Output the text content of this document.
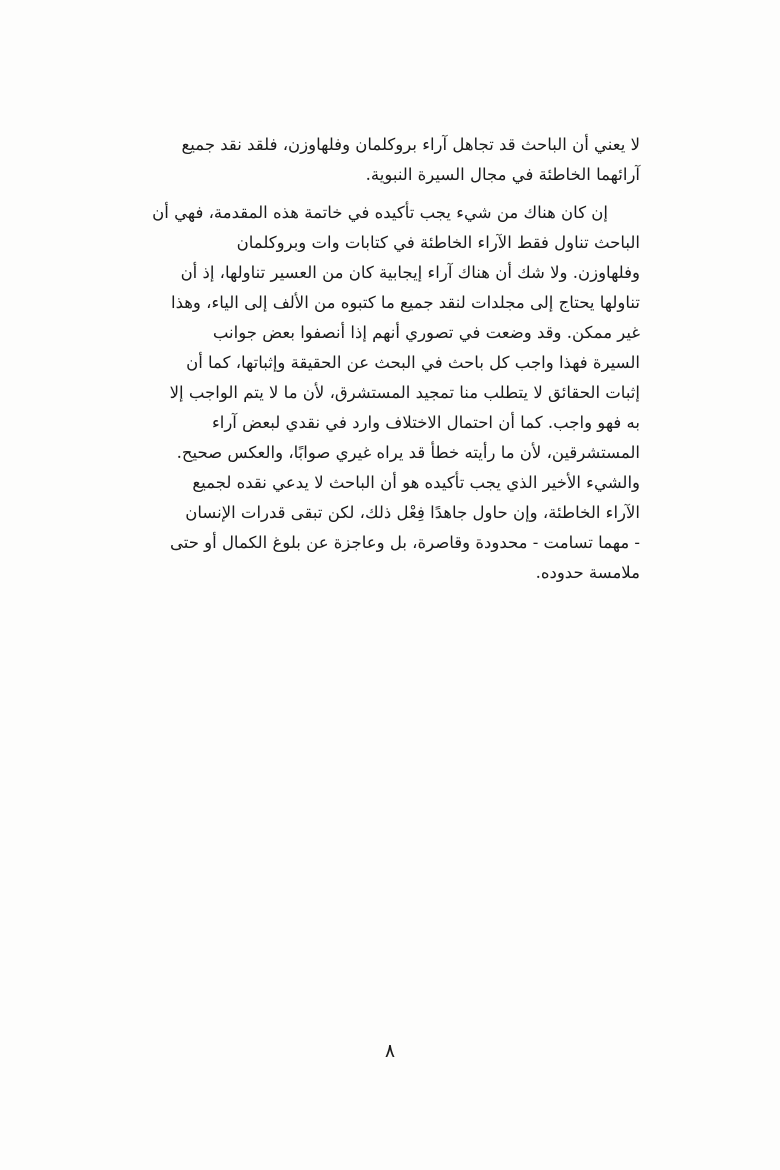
لا يعني أن الباحث قد تجاهل آراء بروكلمان وفلهاوزن، فلقد نقد جميع
آرائهما الخاطئة في مجال السيرة النبوية.

إن كان هناك من شيء يجب تأكيده في خاتمة هذه المقدمة، فهي أن
الباحث تناول فقط الآراء الخاطئة في كتابات وات وبروكلمان
وفلهاوزن. ولا شك أن هناك آراء إيجابية كان من العسير تناولها، إذ أن
تناولها يحتاج إلى مجلدات لنقد جميع ما كتبوه من الألف إلى الياء، وهذا
غير ممكن. وقد وضعت في تصوري أنهم إذا أنصفوا بعض جوانب
السيرة فهذا واجب كل باحث في البحث عن الحقيقة وإثباتها، كما أن
إثبات الحقائق لا يتطلب منا تمجيد المستشرق، لأن ما لا يتم الواجب إلا
به فهو واجب. كما أن احتمال الاختلاف وارد في نقدي لبعض آراء
المستشرقين، لأن ما رأيته خطأ قد يراه غيري صوابًا، والعكس صحيح.
والشيء الأخير الذي يجب تأكيده هو أن الباحث لا يدعي نقده لجميع
الآراء الخاطئة، وإن حاول جاهدًا فِعْل ذلك، لكن تبقى قدرات الإنسان
- مهما تسامت - محدودة وقاصرة، بل وعاجزة عن بلوغ الكمال أو حتى
ملامسة حدوده.

٨
